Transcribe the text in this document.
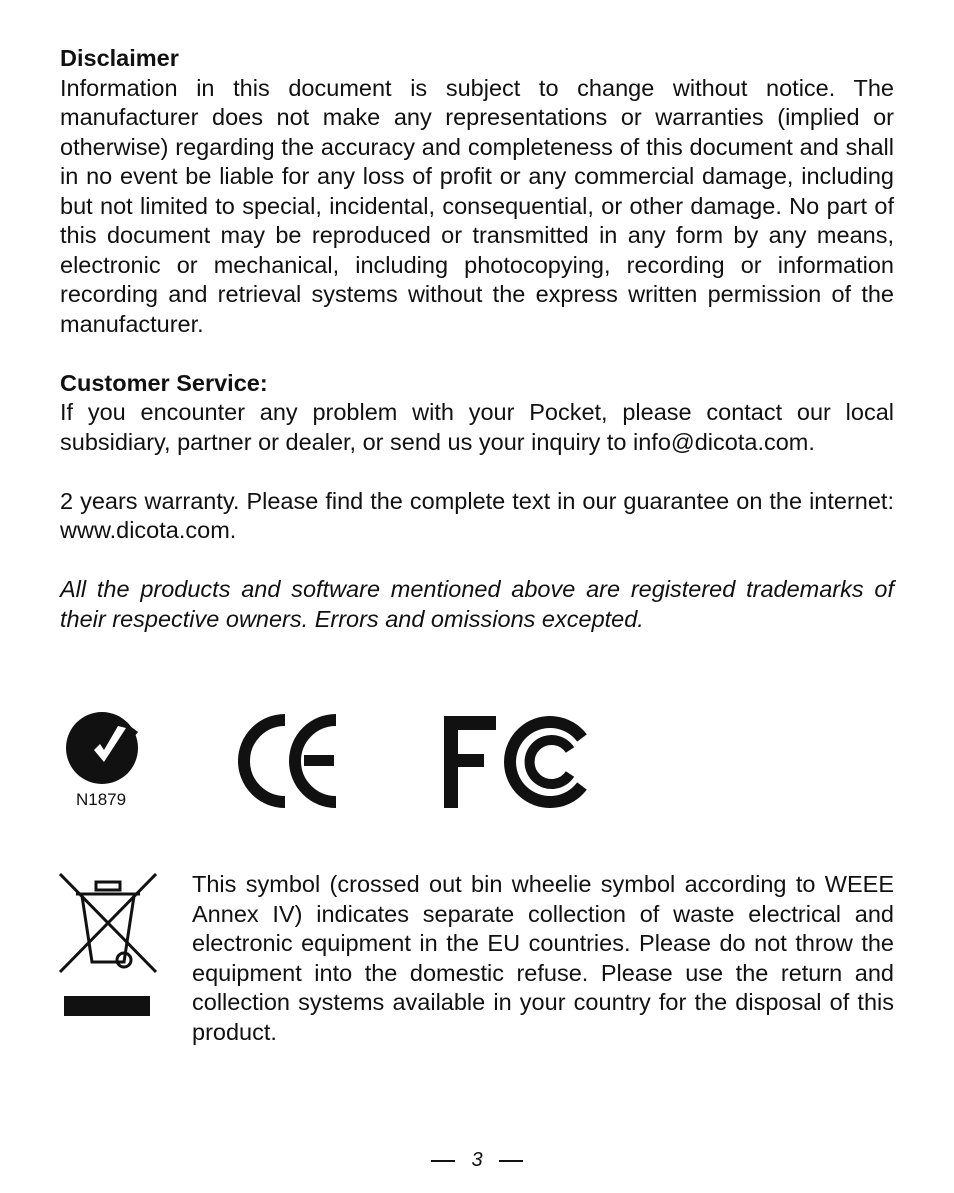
Disclaimer

Information in this document is subject to change without notice. The manufacturer does not make any representations or warranties (implied or otherwise) regarding the accuracy and completeness of this document and shall in no event be liable for any loss of profit or any commercial damage, including but not limited to special, incidental, consequential, or other damage. No part of this document may be reproduced or transmitted in any form by any means, electronic or mechanical, including photocopying, recording or information recording and retrieval systems without the express written permission of the manufacturer.

Customer Service:

If you encounter any problem with your Pocket, please contact our local subsidiary, partner or dealer, or send us your inquiry to info@dicota.com.

2 years warranty. Please find the complete text in our guarantee on the internet: www.dicota.com.

All the products and software mentioned above are registered trademarks of their respective owners. Errors and omissions excepted.

N1879

This symbol (crossed out bin wheelie symbol according to WEEE Annex IV) indicates separate collection of waste electrical and electronic equipment in the EU countries. Please do not throw the equipment into the domestic refuse. Please use the return and collection systems available in your country for the disposal of this product.

3
